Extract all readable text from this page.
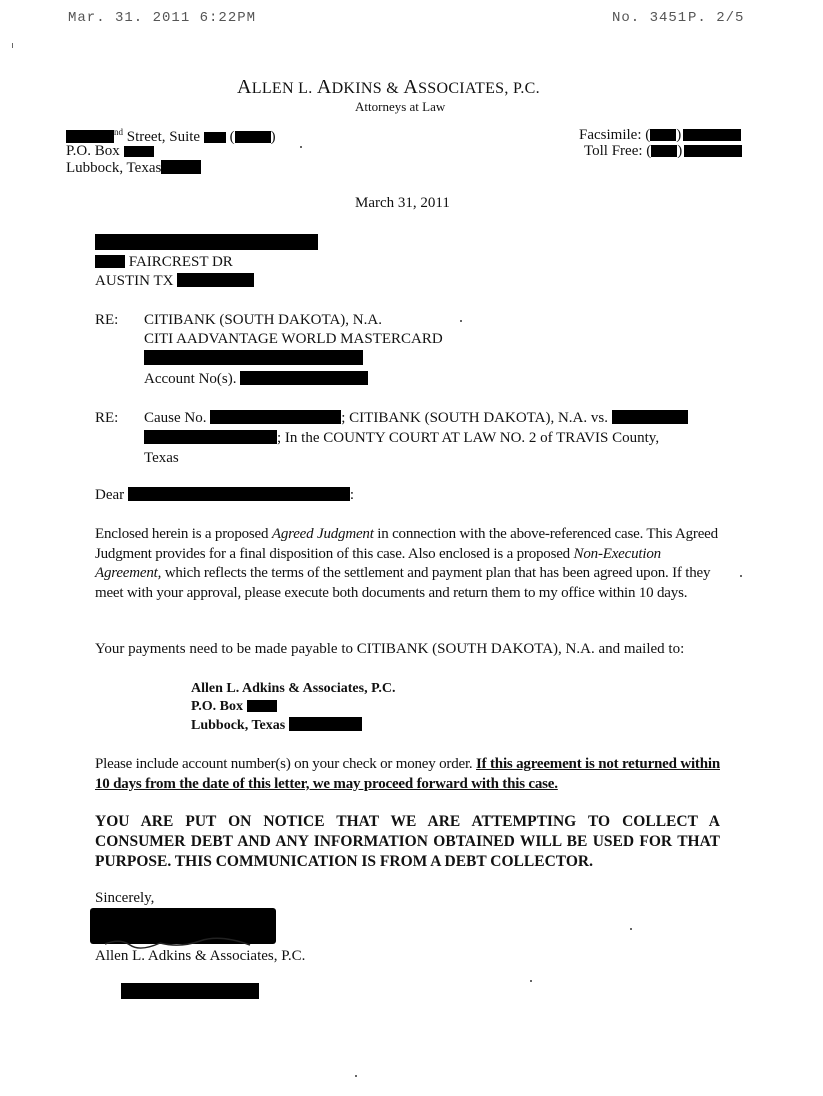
Mar. 31. 2011 6:22PM	No. 3451 P. 2/5
ALLEN L. ADKINS & ASSOCIATES, P.C.
Attorneys at Law
$^{nd}$ Street, Suite  ( )
P.O. Box
Lubbock, Texas
Facsimile: ( )
Toll Free: ( )
March 31, 2011
FAIRCREST DR
AUSTIN TX
RE: CITIBANK (SOUTH DAKOTA), N.A.
CITI AADVANTAGE WORLD MASTERCARD
Account No(s).
RE: Cause No.	; CITIBANK (SOUTH DAKOTA), N.A. vs.
; In the COUNTY COURT AT LAW NO. 2 of TRAVIS County,
Texas
Dear	:
Enclosed herein is a proposed Agreed Judgment in connection with the above-referenced case. This Agreed Judgment provides for a final disposition of this case. Also enclosed is a proposed Non-Execution Agreement, which reflects the terms of the settlement and payment plan that has been agreed upon. If they meet with your approval, please execute both documents and return them to my office within 10 days.
Your payments need to be made payable to CITIBANK (SOUTH DAKOTA), N.A. and mailed to:
Allen L. Adkins & Associates, P.C.
P.O. Box
Lubbock, Texas
Please include account number(s) on your check or money order. If this agreement is not returned within 10 days from the date of this letter, we may proceed forward with this case.
YOU ARE PUT ON NOTICE THAT WE ARE ATTEMPTING TO COLLECT A CONSUMER DEBT AND ANY INFORMATION OBTAINED WILL BE USED FOR THAT PURPOSE. THIS COMMUNICATION IS FROM A DEBT COLLECTOR.
Sincerely,
Allen L. Adkins & Associates, P.C.
